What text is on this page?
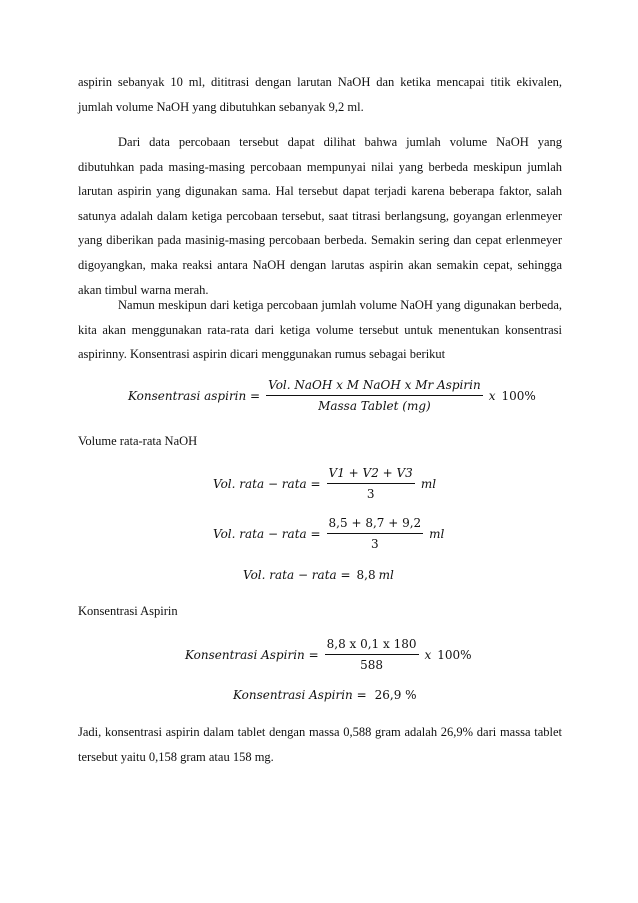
aspirin sebanyak 10 ml, dititrasi dengan larutan NaOH dan ketika mencapai titik ekivalen, jumlah volume NaOH yang dibutuhkan sebanyak 9,2 ml.

Dari data percobaan tersebut dapat dilihat bahwa jumlah volume NaOH yang dibutuhkan pada masing-masing percobaan mempunyai nilai yang berbeda meskipun jumlah larutan aspirin yang digunakan sama. Hal tersebut dapat terjadi karena beberapa faktor, salah satunya adalah dalam ketiga percobaan tersebut, saat titrasi berlangsung, goyangan erlenmeyer yang diberikan pada masinig-masing percobaan berbeda. Semakin sering dan cepat erlenmeyer digoyangkan, maka reaksi antara NaOH dengan larutas aspirin akan semakin cepat, sehingga akan timbul warna merah.

Namun meskipun dari ketiga percobaan jumlah volume NaOH yang digunakan berbeda, kita akan menggunakan rata-rata dari ketiga volume tersebut untuk menentukan konsentrasi aspirinny. Konsentrasi aspirin dicari menggunakan rumus sebagai berikut

Konsentrasi aspirin = $\frac{\text{Vol. NaOH x M NaOH x Mr Aspirin}}{\text{Massa Tablet (mg)}}$ x 100%

Volume rata-rata NaOH

Vol. rata − rata = $\frac{V1 + V2 + V3}{3}$ ml
Vol. rata − rata = $\frac{8,5 + 8,7 + 9,2}{3}$ ml
Vol. rata − rata = 8,8 ml

Konsentrasi Aspirin

Konsentrasi Aspirin = $\frac{8,8 x 0,1 x 180}{588}$ x 100%
Konsentrasi Aspirin = 26,9 %

Jadi, konsentrasi aspirin dalam tablet dengan massa 0,588 gram adalah 26,9% dari massa tablet tersebut yaitu 0,158 gram atau 158 mg.
